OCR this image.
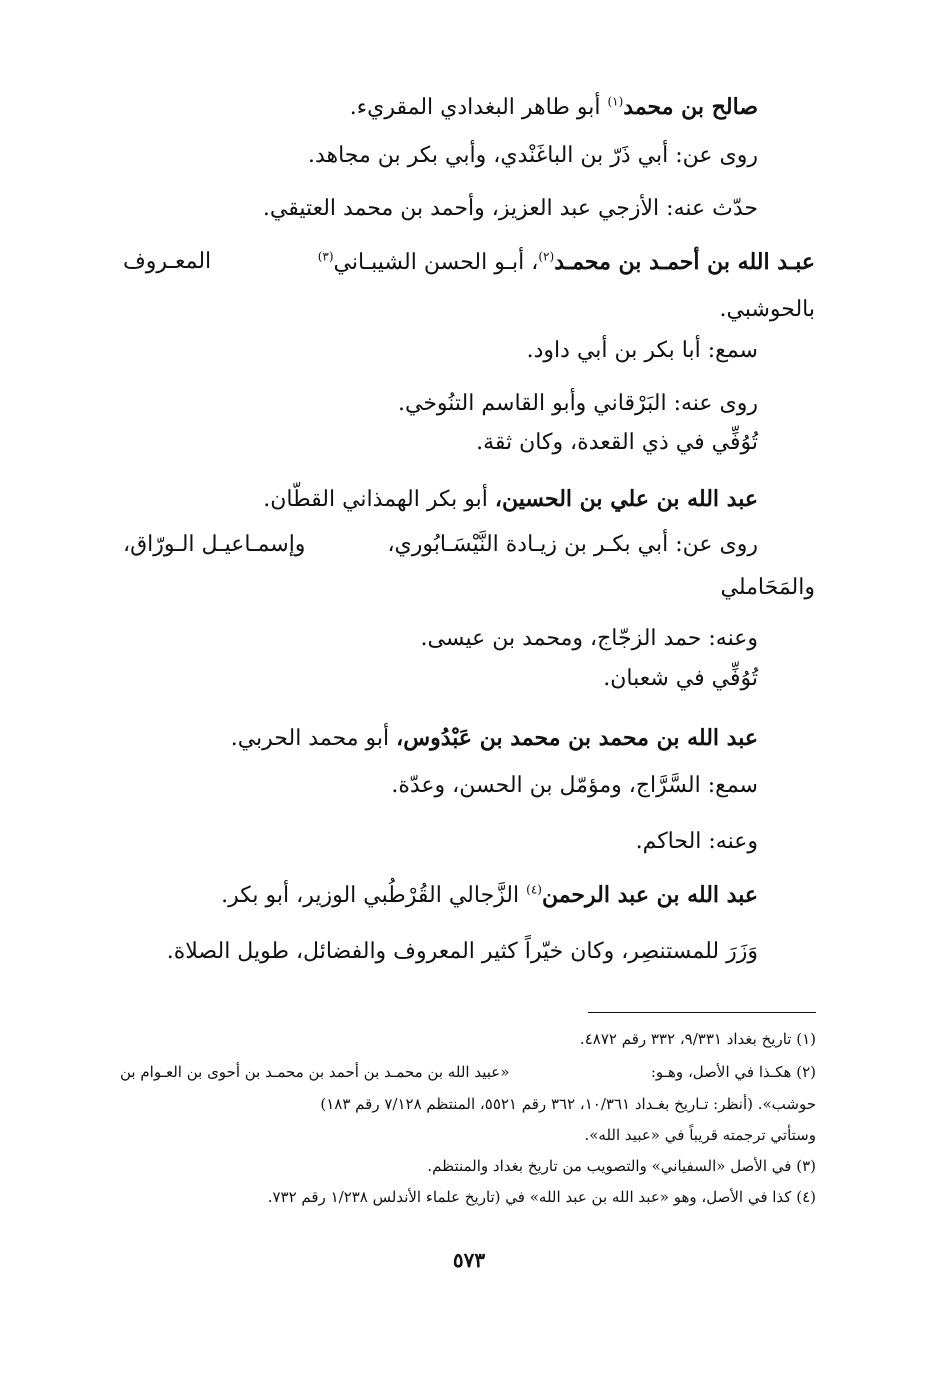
صالح بن محمد$^{(١)}$ أبو طاهر البغدادي المقريء.
روى عن: أبي ذَرّ بن الباغَنْدي، وأبي بكر بن مجاهد.
حدّث عنه: الأزجي عبد العزيز، وأحمد بن محمد العتيقي.
عبـد الله بن أحمـد بن محمـد$^{(٢)}$، أبـو الحسن الشيبـاني$^{(٣)}$
المعـروف
بالحوشبي.
سمع: أبا بكر بن أبي داود.
روى عنه: البَرْقاني وأبو القاسم التنُوخي.
تُوُفِّي في ذي القعدة، وكان ثقة.
عبد الله بن علي بن الحسين، أبو بكر الهمذاني القطّان.
روى عن: أبي بكـر بن زيـادة النَّيْسَـابُوري،
وإسمـاعيـل الـورّاق،
والمَحَاملي
وعنه: حمد الزجّاج، ومحمد بن عيسى.
تُوُفِّي في شعبان.
عبد الله بن محمد بن محمد بن عَبْدُوس، أبو محمد الحربي.
سمع: السَّرَّاج، ومؤمّل بن الحسن، وعدّة.
وعنه: الحاكم.
عبد الله بن عبد الرحمن$^{(٤)}$ الزَّجالي القُرْطُبي الوزير، أبو بكر.
وَزَرَ للمستنصِر، وكان خيّراً كثير المعروف والفضائل، طويل الصلاة.
(١) تاريخ بغداد ٩/٣٣١، ٣٣٢ رقم ٤٨٧٢.
(٢) هكـذا في الأصل، وهـو:
«عبيد الله بن محمـد بن أحمد بن محمـد بن أحوى بن العـوام بن
حوشب». (أنظر: تـاريخ بغـداد ١٠/٣٦١، ٣٦٢ رقم ٥٥٢١، المنتظم ٧/١٢٨ رقم ١٨٣)
وستأتي ترجمته قريباً في «عبيد الله».
(٣) في الأصل «السفياني» والتصويب من تاريخ بغداد والمنتظم.
(٤) كذا في الأصل، وهو «عبد الله بن عبد الله» في (تاريخ علماء الأندلس ١/٢٣٨ رقم ٧٣٢.
٥٧٣
